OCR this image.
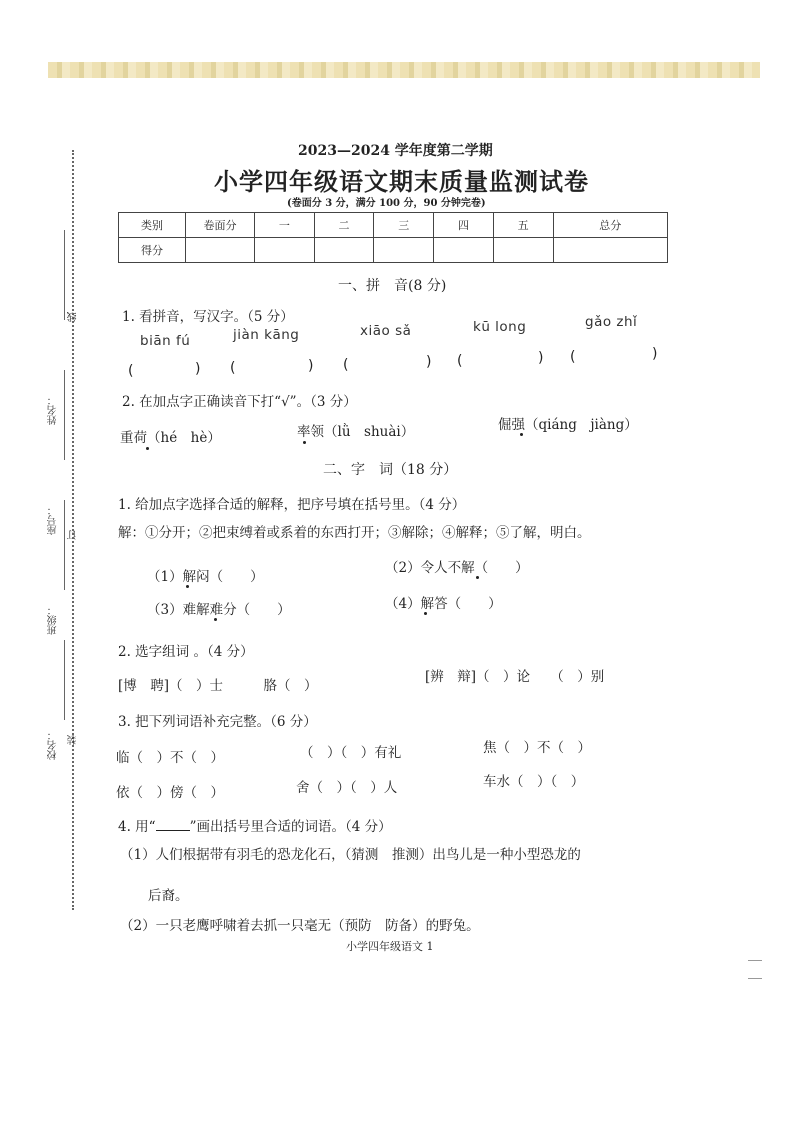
线
姓名：
座号： 订
班级：
校名： 装
2023—2024 学年度第二学期
小学四年级语文期末质量监测试卷
(卷面分 3 分，满分 100 分，90 分钟完卷)
类别	卷面分	一	二	三	四	五	总分
得分							
一、拼　音(8 分)
1. 看拼音，写汉字。（5 分）
biān fú	jiàn kāng	xiāo sǎ	kū long	gǎo zhǐ
(	) (	) (	) (	) (	)
2. 在加点字正确读音下打“√”。（3 分）
重荷（hé　hè）	率领（lǜ　shuài）	倔强（qiáng　jiàng）
二、字　词（18 分）
1. 给加点字选择合适的解释，把序号填在括号里。（4 分）
解：①分开；②把束缚着或系着的东西打开；③解除；④解释；⑤了解，明白。
（1）解闷（　　）
（2）令人不解（　　）
（3）难解难分（　　）	（4）解答（　　）
2. 选字组词 。（4 分）
[博　聘]（　）士　　　胳（　）
[辨　辩]（　）论　　（　）别
3. 把下列词语补充完整。（6 分）
临（　）不（　）	（　）（　）有礼	焦（　）不（　）
依（　）傍（　）	舍（　）（　）人	车水（　）（　）
4. 用“	”画出括号里合适的词语。（4 分）
（1）人们根据带有羽毛的恐龙化石，（猜测　推测）出鸟儿是一种小型恐龙的
后裔。
（2）一只老鹰呼啸着去抓一只毫无（预防　防备）的野兔。
小学四年级语文 1
